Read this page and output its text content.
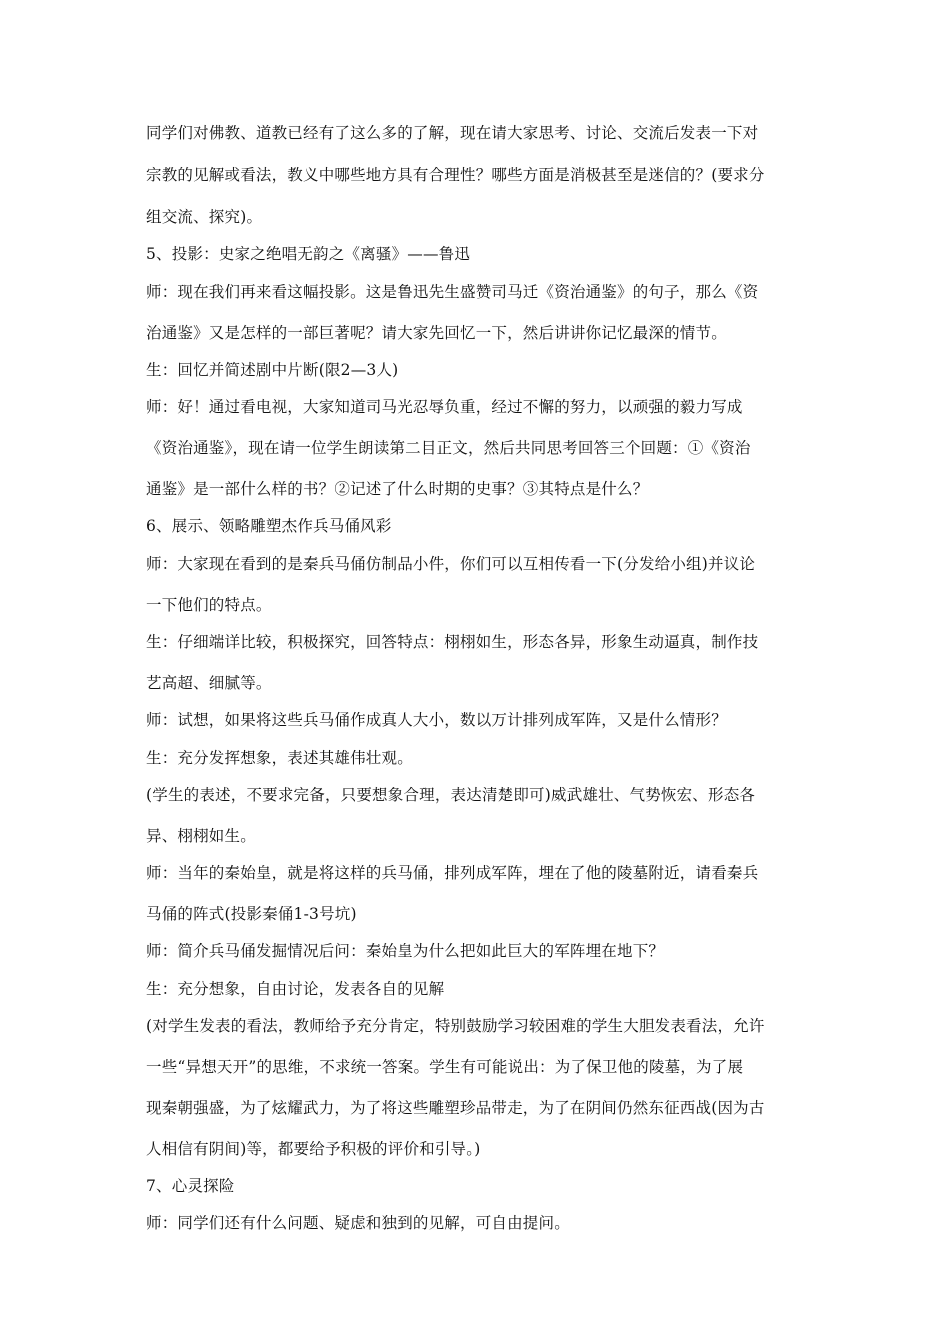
同学们对佛教、道教已经有了这么多的了解，现在请大家思考、讨论、交流后发表一下对
宗教的见解或看法，教义中哪些地方具有合理性？哪些方面是消极甚至是迷信的？(要求分
组交流、探究)。
5、投影：史家之绝唱无韵之《离骚》——鲁迅
师：现在我们再来看这幅投影。这是鲁迅先生盛赞司马迁《资治通鉴》的句子，那么《资
治通鉴》又是怎样的一部巨著呢？请大家先回忆一下，然后讲讲你记忆最深的情节。
生：回忆并简述剧中片断(限2—3人)
师：好！通过看电视，大家知道司马光忍辱负重，经过不懈的努力，以顽强的毅力写成
《资治通鉴》，现在请一位学生朗读第二目正文，然后共同思考回答三个回题：①《资治
通鉴》是一部什么样的书？②记述了什么时期的史事？③其特点是什么？
6、展示、领略雕塑杰作兵马俑风彩
师：大家现在看到的是秦兵马俑仿制品小件，你们可以互相传看一下(分发给小组)并议论
一下他们的特点。
生：仔细端详比较，积极探究，回答特点：栩栩如生，形态各异，形象生动逼真，制作技
艺高超、细腻等。
师：试想，如果将这些兵马俑作成真人大小，数以万计排列成军阵，又是什么情形？
生：充分发挥想象，表述其雄伟壮观。
(学生的表述，不要求完备，只要想象合理，表达清楚即可)威武雄壮、气势恢宏、形态各
异、栩栩如生。
师：当年的秦始皇，就是将这样的兵马俑，排列成军阵，埋在了他的陵墓附近，请看秦兵
马俑的阵式(投影秦俑1-3号坑)
师：简介兵马俑发掘情况后问：秦始皇为什么把如此巨大的军阵埋在地下？
生：充分想象，自由讨论，发表各自的见解
(对学生发表的看法，教师给予充分肯定，特别鼓励学习较困难的学生大胆发表看法，允许
一些“异想天开”的思维，不求统一答案。学生有可能说出：为了保卫他的陵墓，为了展
现秦朝强盛，为了炫耀武力，为了将这些雕塑珍品带走，为了在阴间仍然东征西战(因为古
人相信有阴间)等，都要给予积极的评价和引导。)
7、心灵探险
师：同学们还有什么问题、疑虑和独到的见解，可自由提问。
